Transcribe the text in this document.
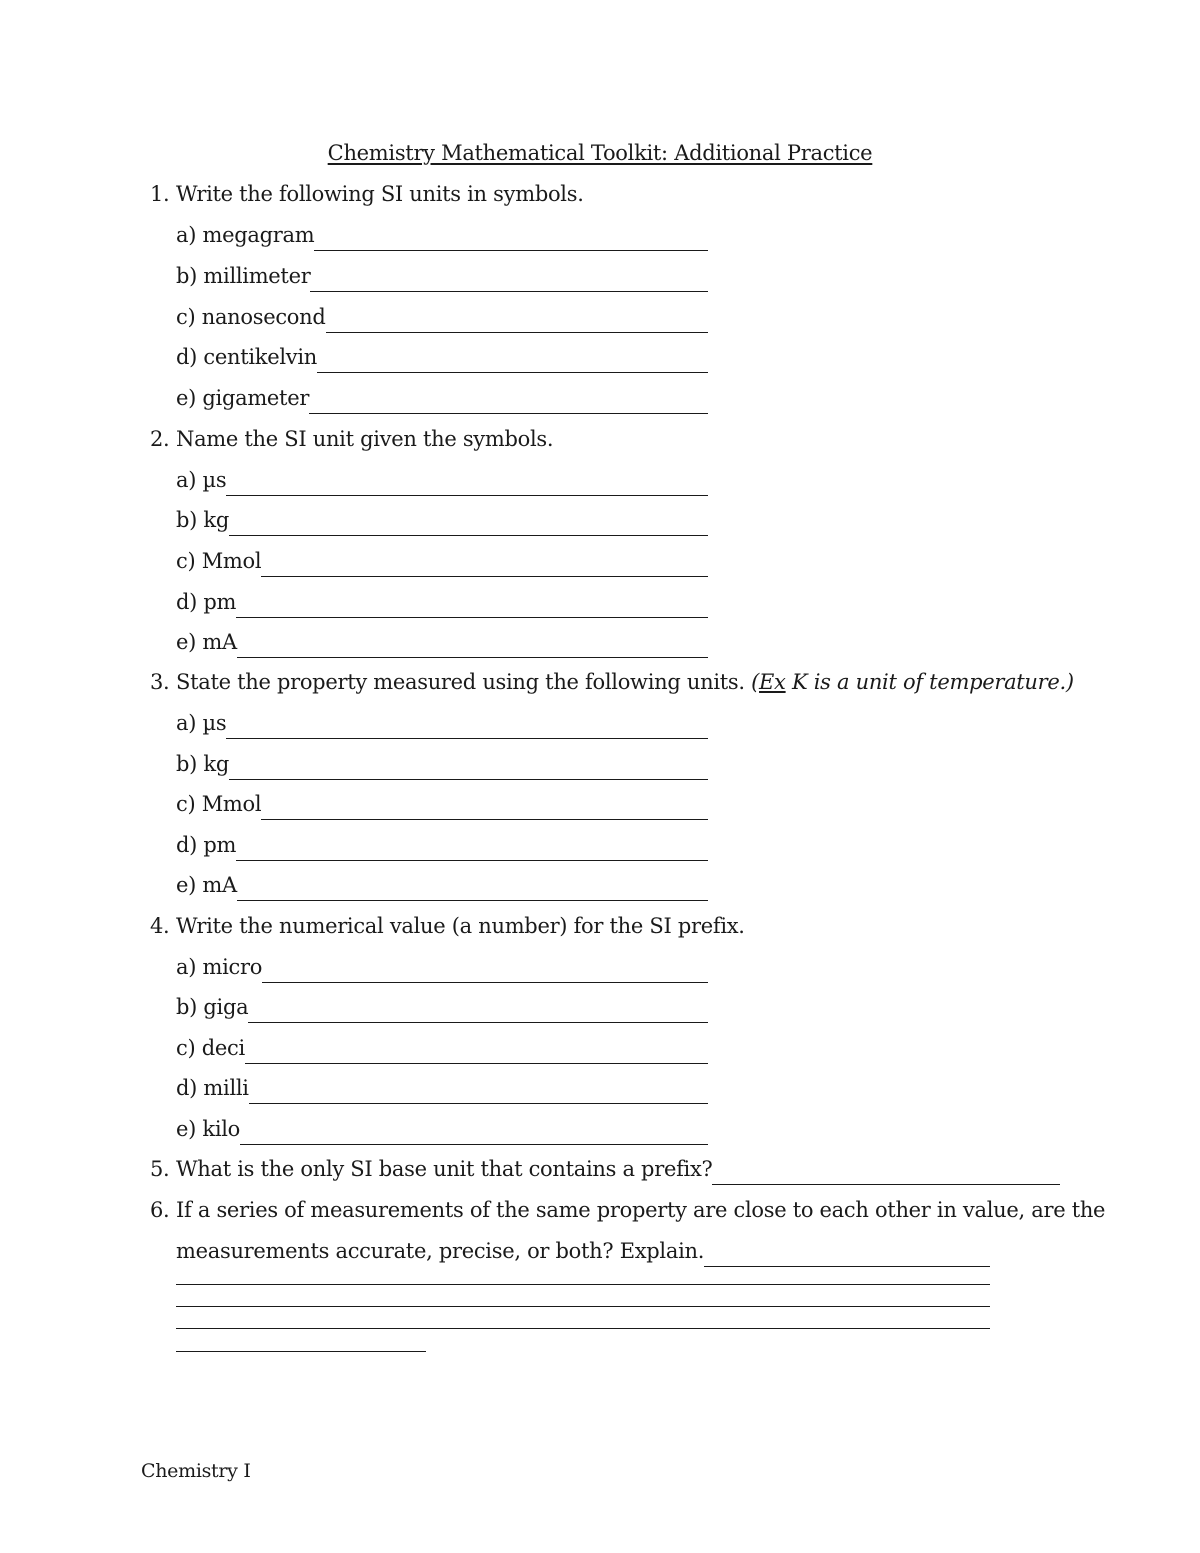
Chemistry Mathematical Toolkit: Additional Practice
1. Write the following SI units in symbols.
a) megagram
b) millimeter
c) nanosecond
d) centikelvin
e) gigameter
2. Name the SI unit given the symbols.
a) µs
b) kg
c) Mmol
d) pm
e) mA
3. State the property measured using the following units. (Ex K is a unit of temperature.)
a) µs
b) kg
c) Mmol
d) pm
e) mA
4. Write the numerical value (a number) for the SI prefix.
a) micro
b) giga
c) deci
d) milli
e) kilo
5. What is the only SI base unit that contains a prefix?
6. If a series of measurements of the same property are close to each other in value, are the
measurements accurate, precise, or both? Explain.
Chemistry I
